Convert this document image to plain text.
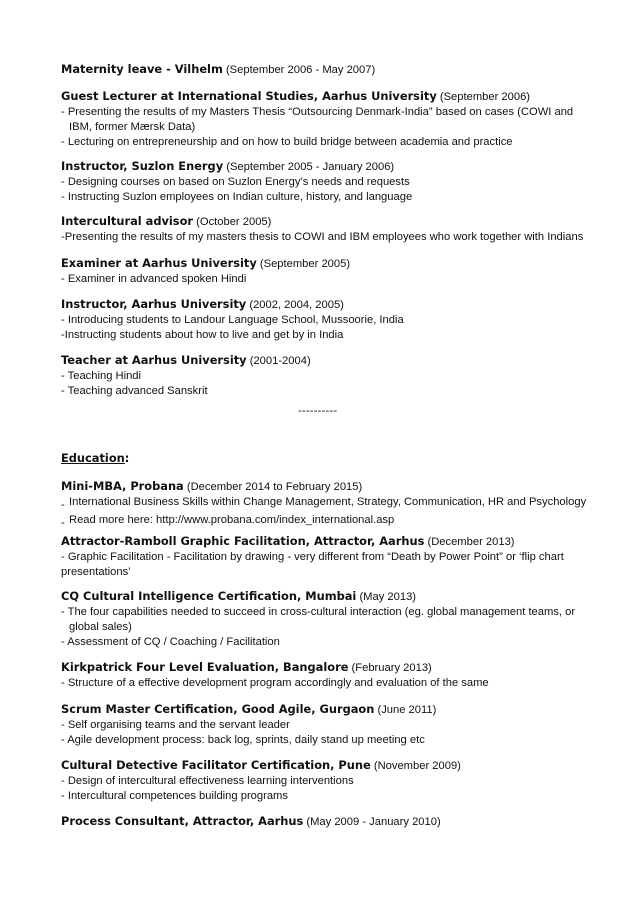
Maternity leave - Vilhelm (September 2006 - May 2007)
Guest Lecturer at International Studies, Aarhus University (September 2006)
- Presenting the results of my Masters Thesis “Outsourcing Denmark-India” based on cases (COWI and
IBM, former Mærsk Data)
- Lecturing on entrepreneurship and on how to build bridge between academia and practice
Instructor, Suzlon Energy (September 2005 - January 2006)
- Designing courses on based on Suzlon Energy’s needs and requests
- Instructing Suzlon employees on Indian culture, history, and language
Intercultural advisor (October 2005)
-Presenting the results of my masters thesis to COWI and IBM employees who work together with Indians
Examiner at Aarhus University (September 2005)
- Examiner in advanced spoken Hindi
Instructor, Aarhus University (2002, 2004, 2005)
- Introducing students to Landour Language School, Mussoorie, India
-Instructing students about how to live and get by in India
Teacher at Aarhus University (2001-2004)
- Teaching Hindi
- Teaching advanced Sanskrit
----------
Education:
Mini-MBA, Probana (December 2014 to February 2015)
- International Business Skills within Change Management, Strategy, Communication, HR and Psychology
- Read more here: http://www.probana.com/index_international.asp
Attractor-Ramboll Graphic Facilitation, Attractor, Aarhus (December 2013)
- Graphic Facilitation - Facilitation by drawing - very different from “Death by Power Point” or ‘flip chart
presentations’
CQ Cultural Intelligence Certification, Mumbai (May 2013)
- The four capabilities needed to succeed in cross-cultural interaction (eg. global management teams, or
global sales)
- Assessment of CQ / Coaching / Facilitation
Kirkpatrick Four Level Evaluation, Bangalore (February 2013)
- Structure of a effective development program accordingly and evaluation of the same
Scrum Master Certification, Good Agile, Gurgaon (June 2011)
- Self organising teams and the servant leader
- Agile development process: back log, sprints, daily stand up meeting etc
Cultural Detective Facilitator Certification, Pune (November 2009)
- Design of intercultural effectiveness learning interventions
- Intercultural competences building programs
Process Consultant, Attractor, Aarhus (May 2009 - January 2010)
